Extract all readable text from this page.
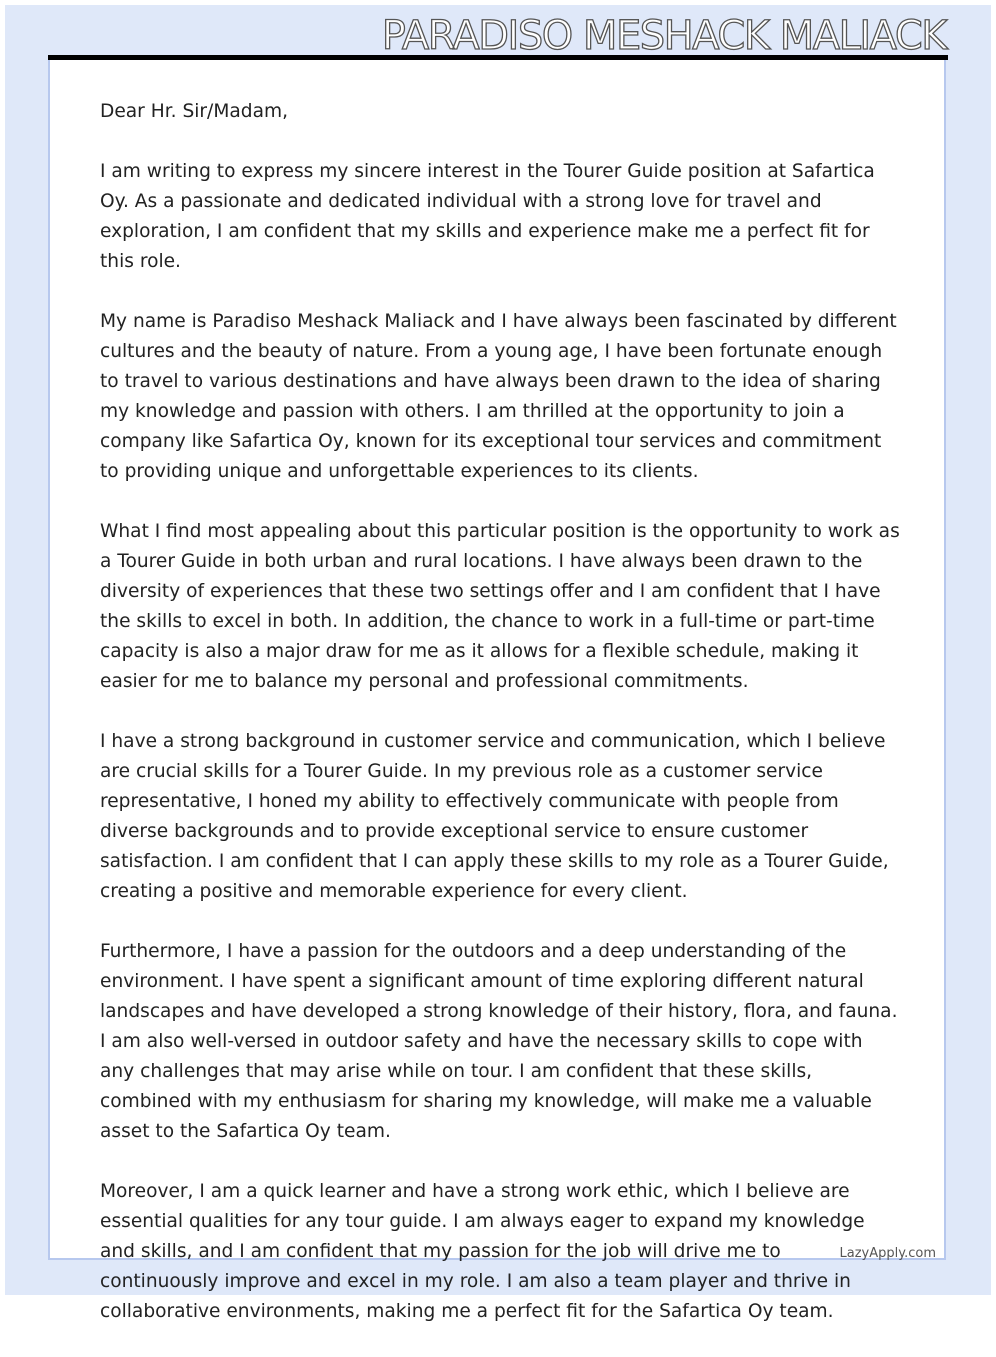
PARADISO MESHACK MALIACK

Dear Hr. Sir/Madam,

I am writing to express my sincere interest in the Tourer Guide position at Safartica Oy. As a passionate and dedicated individual with a strong love for travel and exploration, I am confident that my skills and experience make me a perfect fit for this role.

My name is Paradiso Meshack Maliack and I have always been fascinated by different cultures and the beauty of nature. From a young age, I have been fortunate enough to travel to various destinations and have always been drawn to the idea of sharing my knowledge and passion with others. I am thrilled at the opportunity to join a company like Safartica Oy, known for its exceptional tour services and commitment to providing unique and unforgettable experiences to its clients.

What I find most appealing about this particular position is the opportunity to work as a Tourer Guide in both urban and rural locations. I have always been drawn to the diversity of experiences that these two settings offer and I am confident that I have the skills to excel in both. In addition, the chance to work in a full-time or part-time capacity is also a major draw for me as it allows for a flexible schedule, making it easier for me to balance my personal and professional commitments.

I have a strong background in customer service and communication, which I believe are crucial skills for a Tourer Guide. In my previous role as a customer service representative, I honed my ability to effectively communicate with people from diverse backgrounds and to provide exceptional service to ensure customer satisfaction. I am confident that I can apply these skills to my role as a Tourer Guide, creating a positive and memorable experience for every client.

Furthermore, I have a passion for the outdoors and a deep understanding of the environment. I have spent a significant amount of time exploring different natural landscapes and have developed a strong knowledge of their history, flora, and fauna. I am also well-versed in outdoor safety and have the necessary skills to cope with any challenges that may arise while on tour. I am confident that these skills, combined with my enthusiasm for sharing my knowledge, will make me a valuable asset to the Safartica Oy team.

Moreover, I am a quick learner and have a strong work ethic, which I believe are essential qualities for any tour guide. I am always eager to expand my knowledge and skills, and I am confident that my passion for the job will drive me to continuously improve and excel in my role. I am also a team player and thrive in collaborative environments, making me a perfect fit for the Safartica Oy team.

LazyApply.com
